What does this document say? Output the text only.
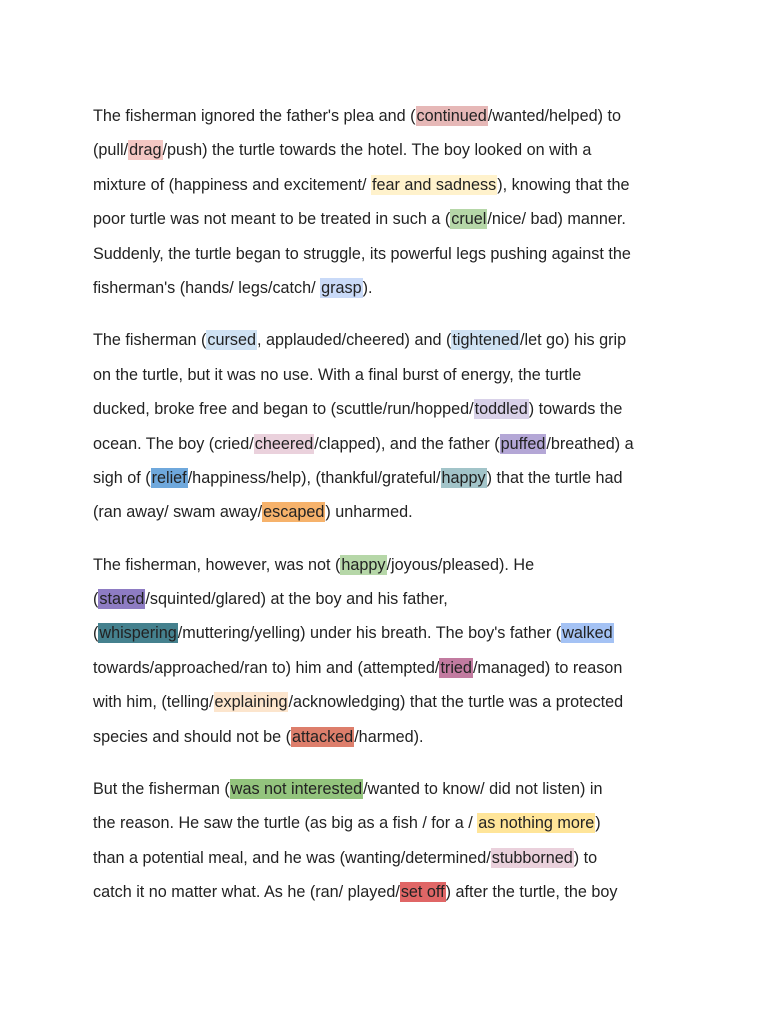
The fisherman ignored the father's plea and (continued/wanted/helped) to
(pull/drag/push) the turtle towards the hotel. The boy looked on with a
mixture of (happiness and excitement/ fear and sadness), knowing that the
poor turtle was not meant to be treated in such a (cruel/nice/ bad) manner.
Suddenly, the turtle began to struggle, its powerful legs pushing against the
fisherman's (hands/ legs/catch/ grasp).
The fisherman (cursed, applauded/cheered) and (tightened/let go) his grip
on the turtle, but it was no use. With a final burst of energy, the turtle
ducked, broke free and began to (scuttle/run/hopped/toddled) towards the
ocean. The boy (cried/cheered/clapped), and the father (puffed/breathed) a
sigh of (relief/happiness/help), (thankful/grateful/happy) that the turtle had
(ran away/ swam away/escaped) unharmed.
The fisherman, however, was not (happy/joyous/pleased). He
(stared/squinted/glared) at the boy and his father,
(whispering/muttering/yelling) under his breath. The boy's father (walked
towards/approached/ran to) him and (attempted/tried/managed) to reason
with him, (telling/explaining/acknowledging) that the turtle was a protected
species and should not be (attacked/harmed).
But the fisherman (was not interested/wanted to know/ did not listen) in
the reason. He saw the turtle (as big as a fish / for a / as nothing more)
than a potential meal, and he was (wanting/determined/stubborned) to
catch it no matter what. As he (ran/ played/set off) after the turtle, the boy
